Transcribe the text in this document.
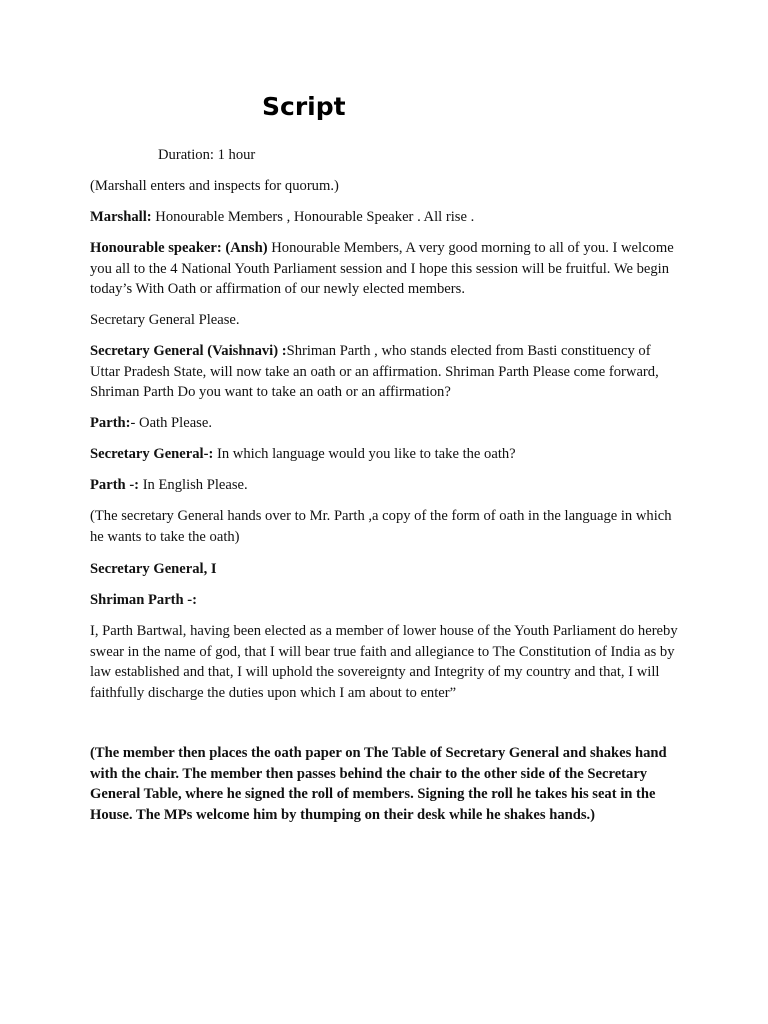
Script

Duration: 1 hour

(Marshall enters and inspects for quorum.)

Marshall: Honourable Members , Honourable Speaker . All rise .

Honourable speaker: (Ansh) Honourable Members, A very good morning to all of you. I welcome you all to the 4 National Youth Parliament session and I hope this session will be fruitful. We begin today’s With Oath or affirmation of our newly elected members.

Secretary General Please.

Secretary General (Vaishnavi) :Shriman Parth , who stands elected from Basti constituency of Uttar Pradesh State, will now take an oath or an affirmation. Shriman Parth Please come forward, Shriman Parth Do you want to take an oath or an affirmation?

Parth:- Oath Please.

Secretary General-: In which language would you like to take the oath?

Parth -: In English Please.

(The secretary General hands over to Mr. Parth ,a copy of the form of oath in the language in which he wants to take the oath)

Secretary General, I

Shriman Parth -:

I, Parth Bartwal, having been elected as a member of lower house of the Youth Parliament do hereby swear in the name of god, that I will bear true faith and allegiance to The Constitution of India as by law established and that, I will uphold the sovereignty and Integrity of my country and that, I will faithfully discharge the duties upon which I am about to enter”

(The member then places the oath paper on The Table of Secretary General and shakes hand with the chair. The member then passes behind the chair to the other side of the Secretary General Table, where he signed the roll of members. Signing the roll he takes his seat in the House. The MPs welcome him by thumping on their desk while he shakes hands.)
